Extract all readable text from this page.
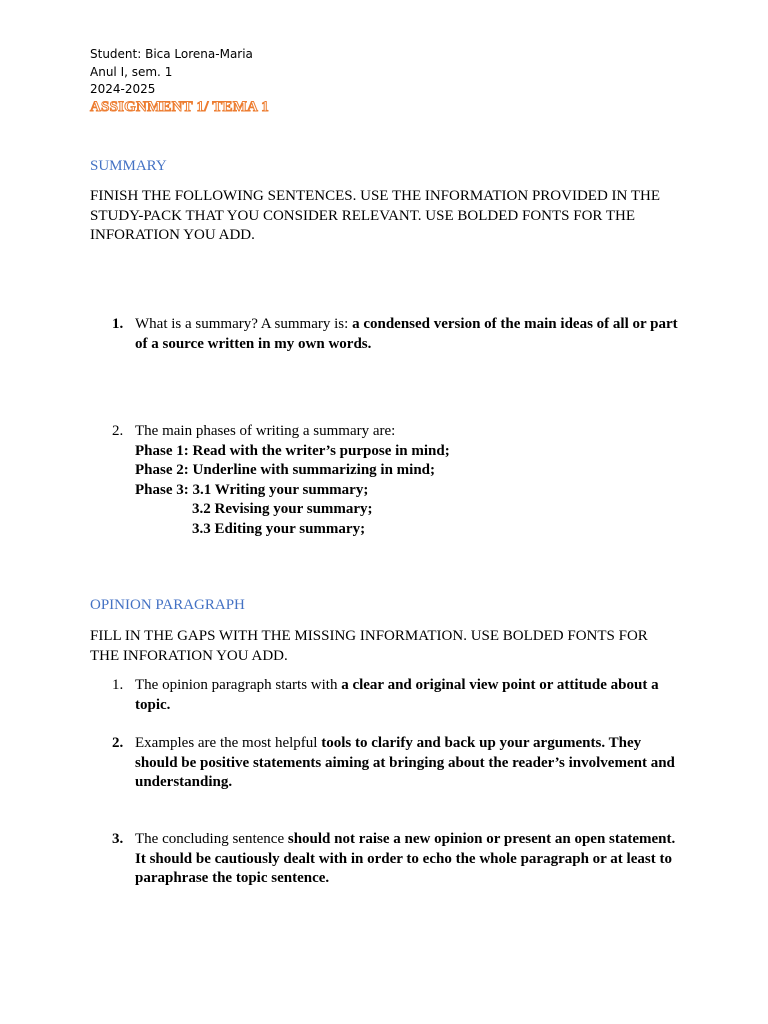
Student: Bica Lorena-Maria
Anul I, sem. 1
2024-2025
ASSIGNMENT 1/ TEMA 1
SUMMARY
FINISH THE FOLLOWING SENTENCES. USE THE INFORMATION PROVIDED IN THE STUDY-PACK THAT YOU CONSIDER RELEVANT. USE BOLDED FONTS FOR THE INFORATION YOU ADD.
1. What is a summary? A summary is: a condensed version of the main ideas of all or part of a source written in my own words.
2. The main phases of writing a summary are:
Phase 1: Read with the writer’s purpose in mind;
Phase 2: Underline with summarizing in mind;
Phase 3: 3.1 Writing your summary;
3.2 Revising your summary;
3.3 Editing your summary;
OPINION PARAGRAPH
FILL IN THE GAPS WITH THE MISSING INFORMATION. USE BOLDED FONTS FOR THE INFORATION YOU ADD.
1. The opinion paragraph starts with a clear and original view point or attitude about a topic.
2. Examples are the most helpful tools to clarify and back up your arguments. They should be positive statements aiming at bringing about the reader’s involvement and understanding.
3. The concluding sentence should not raise a new opinion or present an open statement. It should be cautiously dealt with in order to echo the whole paragraph or at least to paraphrase the topic sentence.
